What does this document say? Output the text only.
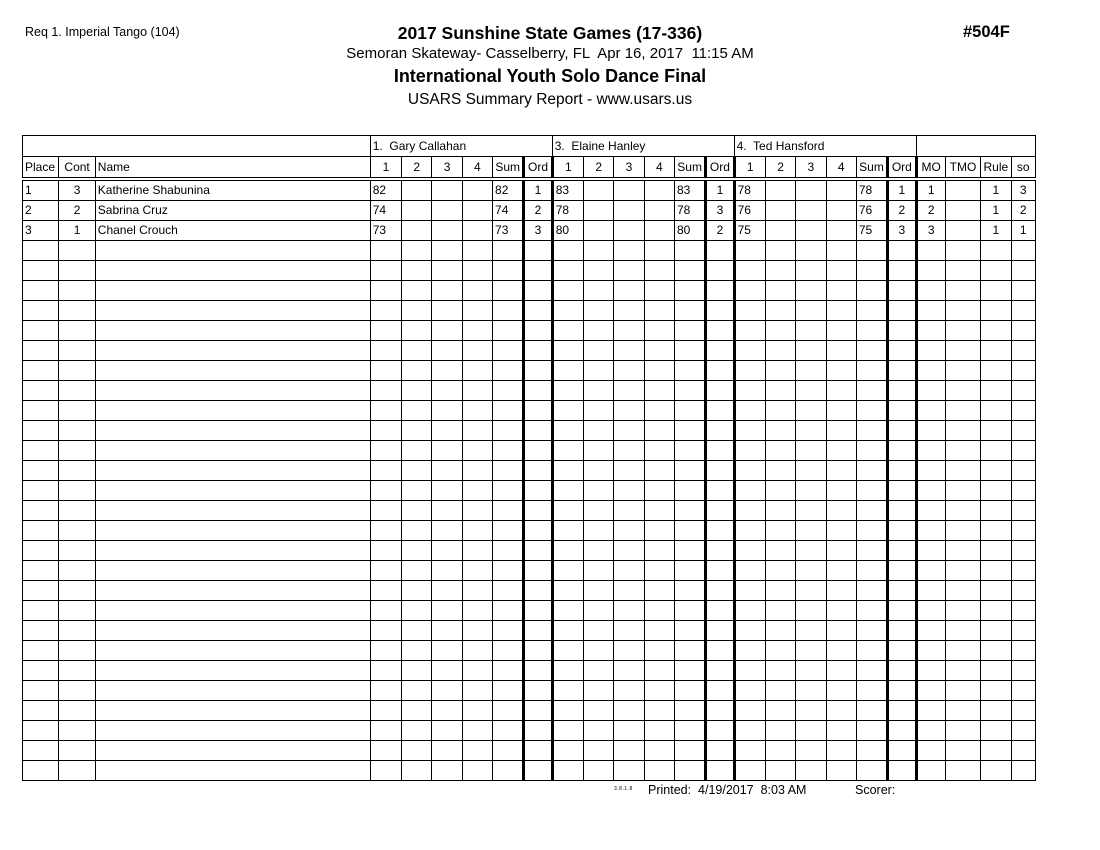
Req 1. Imperial Tango (104)	#504F
2017 Sunshine State Games (17-336)
Semoran Skateway- Casselberry, FL  Apr 16, 2017  11:15 AM
International Youth Solo Dance Final
USARS Summary Report - www.usars.us
			1.  Gary Callahan						3.  Elaine Hanley						4.  Ted Hansford									
Place	Cont	Name	1	2	3	4	Sum	Ord	1	2	3	4	Sum	Ord	1	2	3	4	Sum	Ord	MO	TMO	Rule	so
1	3	Katherine Shabunina	82				82	1	83				83	1	78				78	1	1		1	3
2	2	Sabrina Cruz	74				74	2	78				78	3	76				76	2	2		1	2
3	1	Chanel Crouch	73				73	3	80				80	2	75				75	3	3		1	1

3.8.1.8 Printed:  4/19/2017  8:03 AM	Scorer:
